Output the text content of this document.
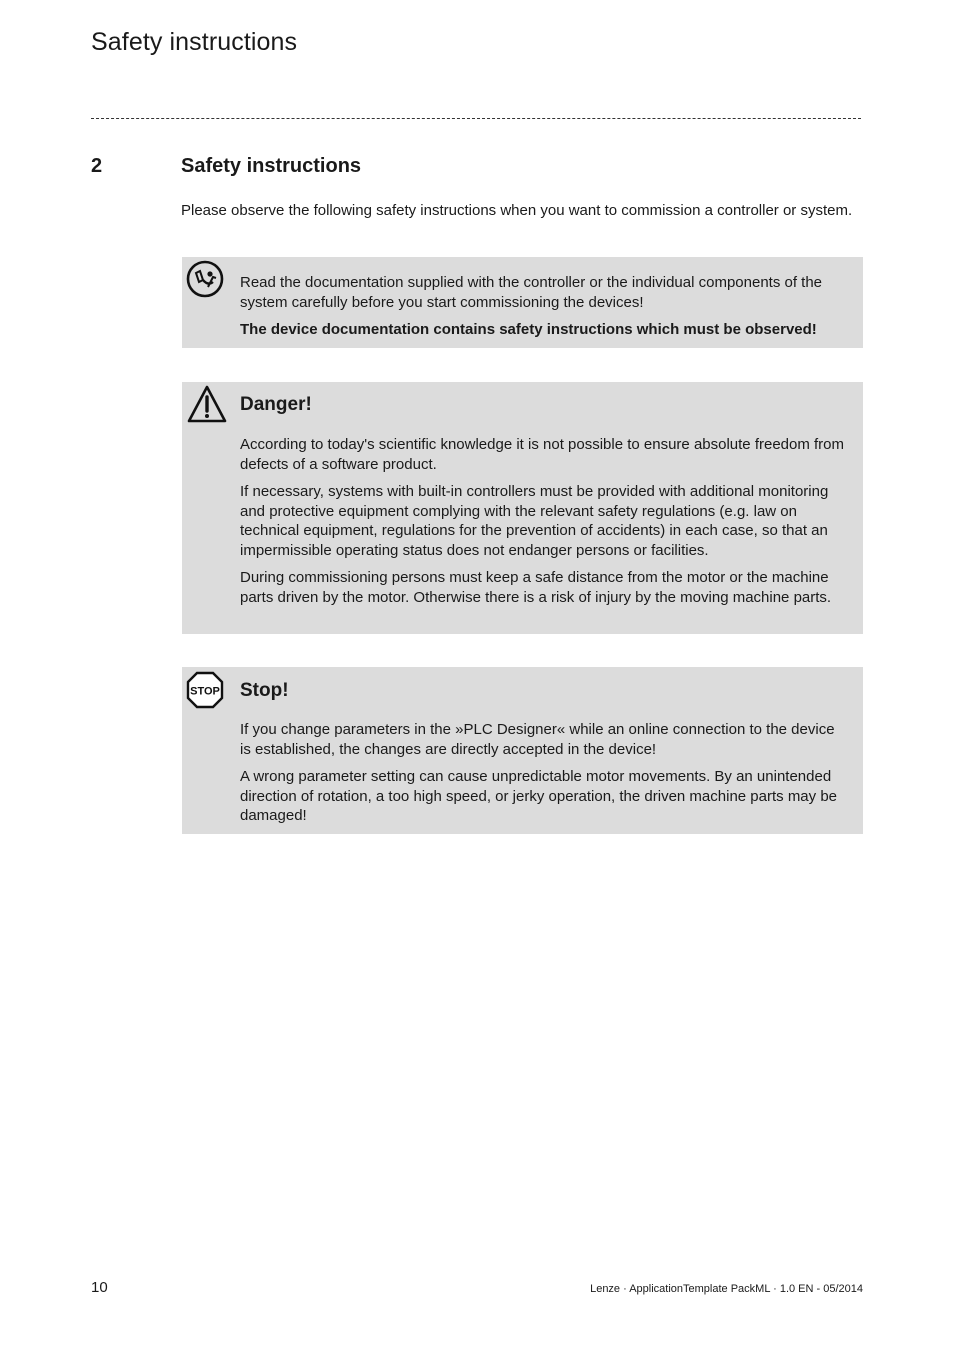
Safety instructions
2	Safety instructions

Please observe the following safety instructions when you want to commission a controller or system.

Read the documentation supplied with the controller or the individual components of the system carefully before you start commissioning the devices!

The device documentation contains safety instructions which must be observed!

Danger!

According to today's scientific knowledge it is not possible to ensure absolute freedom from defects of a software product.

If necessary, systems with built-in controllers must be provided with additional monitoring and protective equipment complying with the relevant safety regulations (e.g. law on technical equipment, regulations for the prevention of accidents) in each case, so that an impermissible operating status does not endanger persons or facilities.

During commissioning persons must keep a safe distance from the motor or the machine parts driven by the motor. Otherwise there is a risk of injury by the moving machine parts.

STOP Stop!

If you change parameters in the »PLC Designer« while an online connection to the device is established, the changes are directly accepted in the device!

A wrong parameter setting can cause unpredictable motor movements. By an unintended direction of rotation, a too high speed, or jerky operation, the driven machine parts may be damaged!

10	Lenze · ApplicationTemplate PackML · 1.0 EN - 05/2014
